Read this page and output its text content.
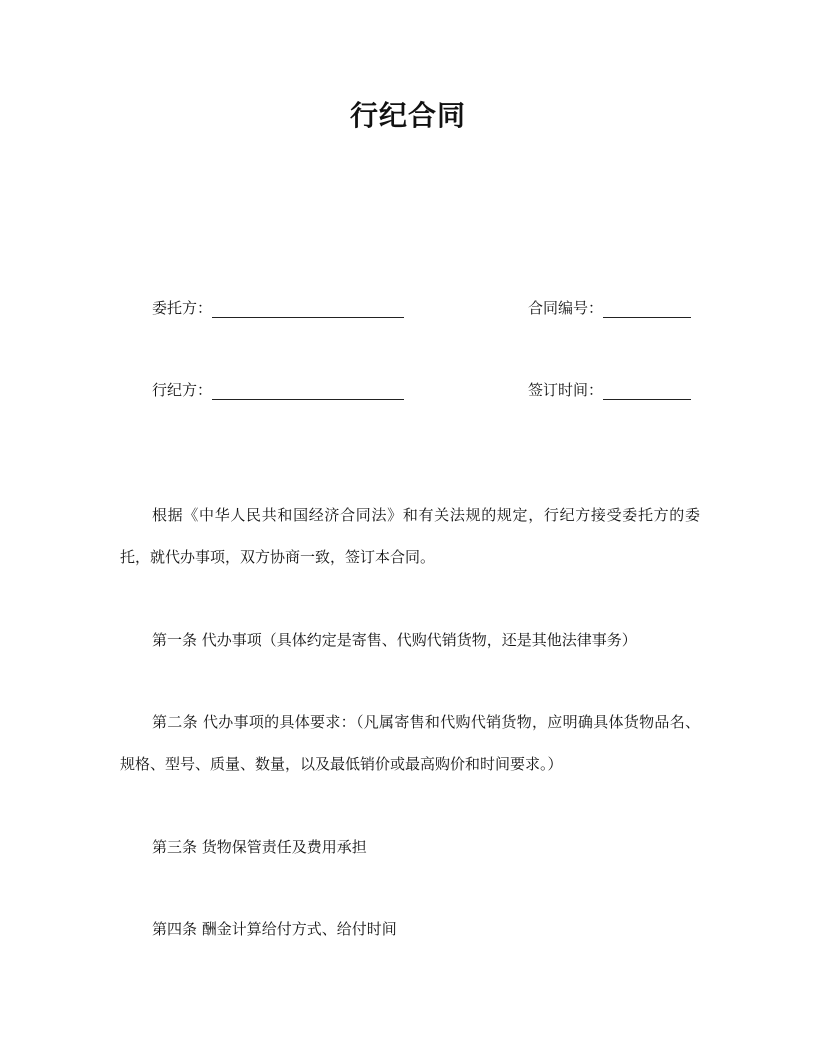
行纪合同
委托方：	合同编号：
行纪方：	签订时间：
根据《中华人民共和国经济合同法》和有关法规的规定，行纪方接受委托方的委托，就代办事项，双方协商一致，签订本合同。
第一条 代办事项（具体约定是寄售、代购代销货物，还是其他法律事务）
第二条 代办事项的具体要求：（凡属寄售和代购代销货物，应明确具体货物品名、规格、型号、质量、数量，以及最低销价或最高购价和时间要求。）
第三条 货物保管责任及费用承担
第四条 酬金计算给付方式、给付时间
